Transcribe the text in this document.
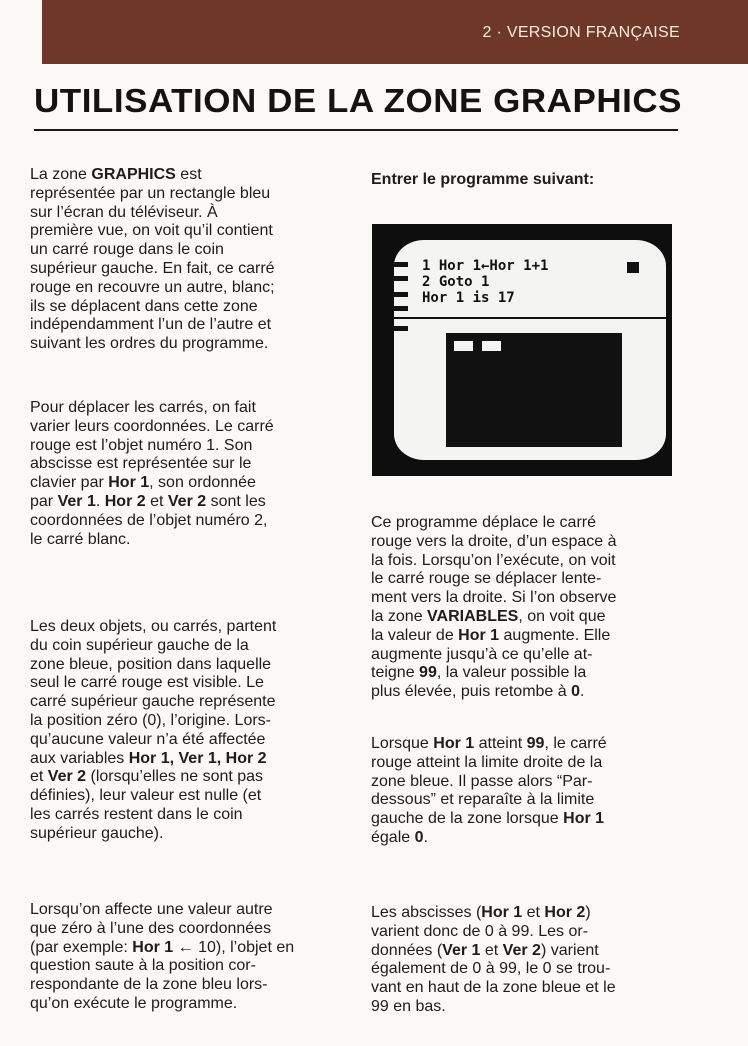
2 · VERSION FRANÇAISE
UTILISATION DE LA ZONE GRAPHICS

La zone GRAPHICS est
représentée par un rectangle bleu
sur l’écran du téléviseur. À
première vue, on voit qu’il contient
un carré rouge dans le coin
supérieur gauche. En fait, ce carré
rouge en recouvre un autre, blanc;
ils se déplacent dans cette zone
indépendamment l’un de l’autre et
suivant les ordres du programme.

Pour déplacer les carrés, on fait
varier leurs coordonnées. Le carré
rouge est l’objet numéro 1. Son
abscisse est représentée sur le
clavier par Hor 1, son ordonnée
par Ver 1. Hor 2 et Ver 2 sont les
coordonnées de l’objet numéro 2,
le carré blanc.

Les deux objets, ou carrés, partent
du coin supérieur gauche de la
zone bleue, position dans laquelle
seul le carré rouge est visible. Le
carré supérieur gauche représente
la position zéro (0), l’origine. Lors-
qu’aucune valeur n’a été affectée
aux variables Hor 1, Ver 1, Hor 2
et Ver 2 (lorsqu’elles ne sont pas
définies), leur valeur est nulle (et
les carrés restent dans le coin
supérieur gauche).

Lorsqu’on affecte une valeur autre
que zéro à l’une des coordonnées
(par exemple: Hor 1 ← 10), l’objet en
question saute à la position cor-
respondante de la zone bleu lors-
qu’on exécute le programme.

Entrer le programme suivant:

1 Hor 1←Hor 1+1
2 Goto 1
Hor 1 is 17

Ce programme déplace le carré
rouge vers la droite, d’un espace à
la fois. Lorsqu’on l’exécute, on voit
le carré rouge se déplacer lente-
ment vers la droite. Si l’on observe
la zone VARIABLES, on voit que
la valeur de Hor 1 augmente. Elle
augmente jusqu’à ce qu’elle at-
teigne 99, la valeur possible la
plus élevée, puis retombe à 0.

Lorsque Hor 1 atteint 99, le carré
rouge atteint la limite droite de la
zone bleue. Il passe alors “Par-
dessous” et reparaîte à la limite
gauche de la zone lorsque Hor 1
égale 0.

Les abscisses (Hor 1 et Hor 2)
varient donc de 0 à 99. Les or-
données (Ver 1 et Ver 2) varient
également de 0 à 99, le 0 se trou-
vant en haut de la zone bleue et le
99 en bas.
